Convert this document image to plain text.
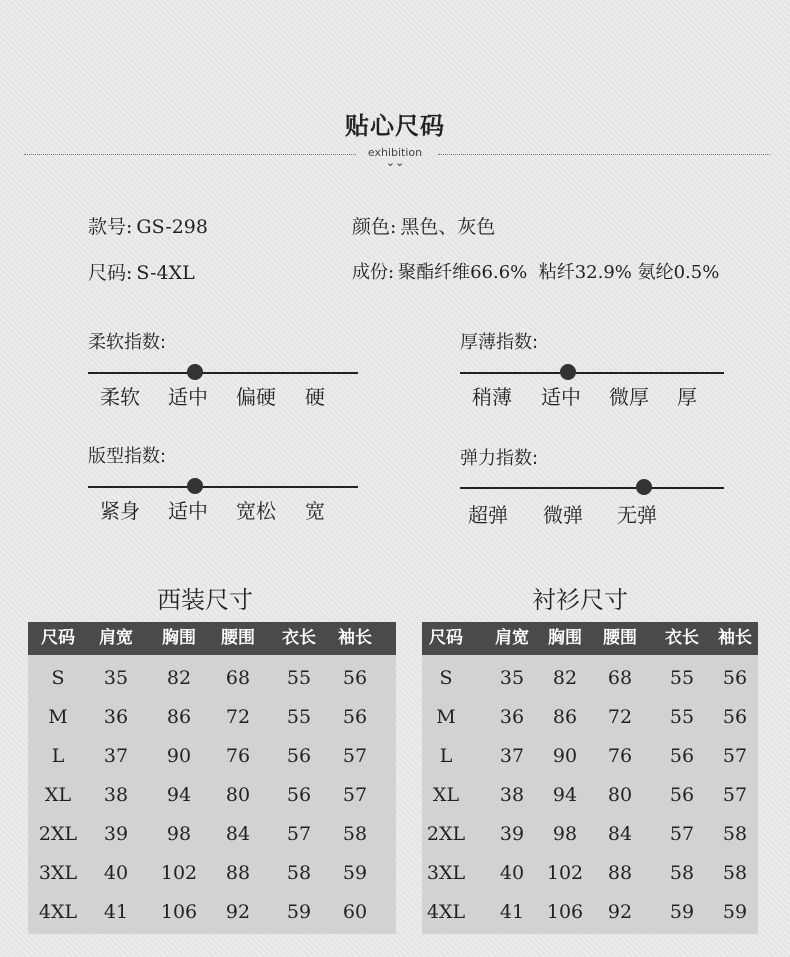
贴心尺码
exhibition
⌄⌄
款号: GS-298	颜色: 黑色、灰色
尺码: S-4XL	成份: 聚酯纤维66.6%  粘纤32.9% 氨纶0.5%
柔软指数:
柔软 适中 偏硬 硬
厚薄指数:
稍薄 适中 微厚 厚
版型指数:
紧身 适中 宽松 宽
弹力指数:
超弹 微弹 无弹
西装尺寸
尺码	肩宽	胸围	腰围	衣长	袖长
S	35	82	68	55	56
M	36	86	72	55	56
L	37	90	76	56	57
XL	38	94	80	56	57
2XL	39	98	84	57	58
3XL	40	102	88	58	59
4XL	41	106	92	59	60
衬衫尺寸
尺码	肩宽	胸围	腰围	衣长	袖长
S	35	82	68	55	56
M	36	86	72	55	56
L	37	90	76	56	57
XL	38	94	80	56	57
2XL	39	98	84	57	58
3XL	40	102	88	58	58
4XL	41	106	92	59	59
